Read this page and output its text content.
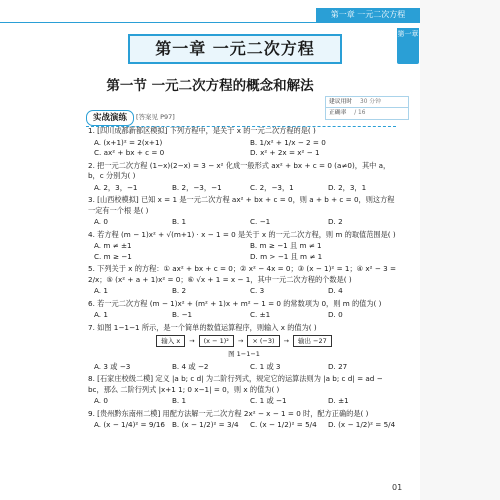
第一章 一元二次方程
第一章
第一章 一元二次方程
第一节 一元二次方程的概念和解法
建议用时 30 分钟
正确率 / 16
实战演练	[答案见 P97]
1. [四川成都新都区模拟] 下列方程中，是关于 x 的一元二次方程的是( )
A. (x+1)² = 2(x+1)	B. 1/x² + 1/x − 2 = 0
C. ax² + bx + c = 0	D. x² + 2x = x² − 1
2. 把一元二次方程 (1−x)(2−x) = 3 − x² 化成一般形式 ax² + bx + c = 0 (a≠0)，其中 a，b，c 分别为( )
A. 2，3，−1	B. 2，−3，−1	C. 2，−3，1	D. 2，3，1
3. [山西校模拟] 已知 x = 1 是一元二次方程 ax² + bx + c = 0，则 a + b + c = 0，则这方程一定有一个根 是( )
A. 0	B. 1	C. −1	D. 2
4. 若方程 (m − 1)x² + √(m+1) · x − 1 = 0 是关于 x 的一元二次方程，则 m 的取值范围是( )
A. m ≠ ±1	B. m ≥ −1 且 m ≠ 1
C. m ≥ −1	D. m > −1 且 m ≠ 1
5. 下列关于 x 的方程：① ax² + bx + c = 0；② x² − 4x = 0；③ (x − 1)² = 1；④ x² − 3 = 2/x；⑤ (x² + a + 1)x² = 0；⑥ √x + 1 = x − 1，其中一元二次方程的个数是( )
A. 1	B. 2	C. 3	D. 4
6. 若一元二次方程 (m − 1)x² + (m² + 1)x + m² − 1 = 0 的常数项为 0，则 m 的值为( )
A. 1	B. −1	C. ±1	D. 0
7. 如图 1−1−1 所示，是一个简单的数值运算程序，则输入 x 的值为( )
输入 x	→	(x − 1)²	→	× (−3)	→	输出 −27
图 1−1−1
A. 3 或 −3	B. 4 或 −2	C. 1 或 3	D. 27
8. [石家庄校级二模] 定义 |a b; c d| 为二阶行列式，规定它的运算法则为 |a b; c d| = ad − bc，那么 二阶行列式 |x+1 1; 0 x−1| = 0，则 x 的值为( )
A. 0	B. 1	C. 1 或 −1	D. ±1
9. [贵州黔东南州二模] 用配方法解一元二次方程 2x² − x − 1 = 0 时，配方正确的是( )
A. (x − 1/4)² = 9/16 B. (x − 1/2)² = 3/4	C. (x − 1/2)² = 5/4	D. (x − 1/2)² = 5/4
01
